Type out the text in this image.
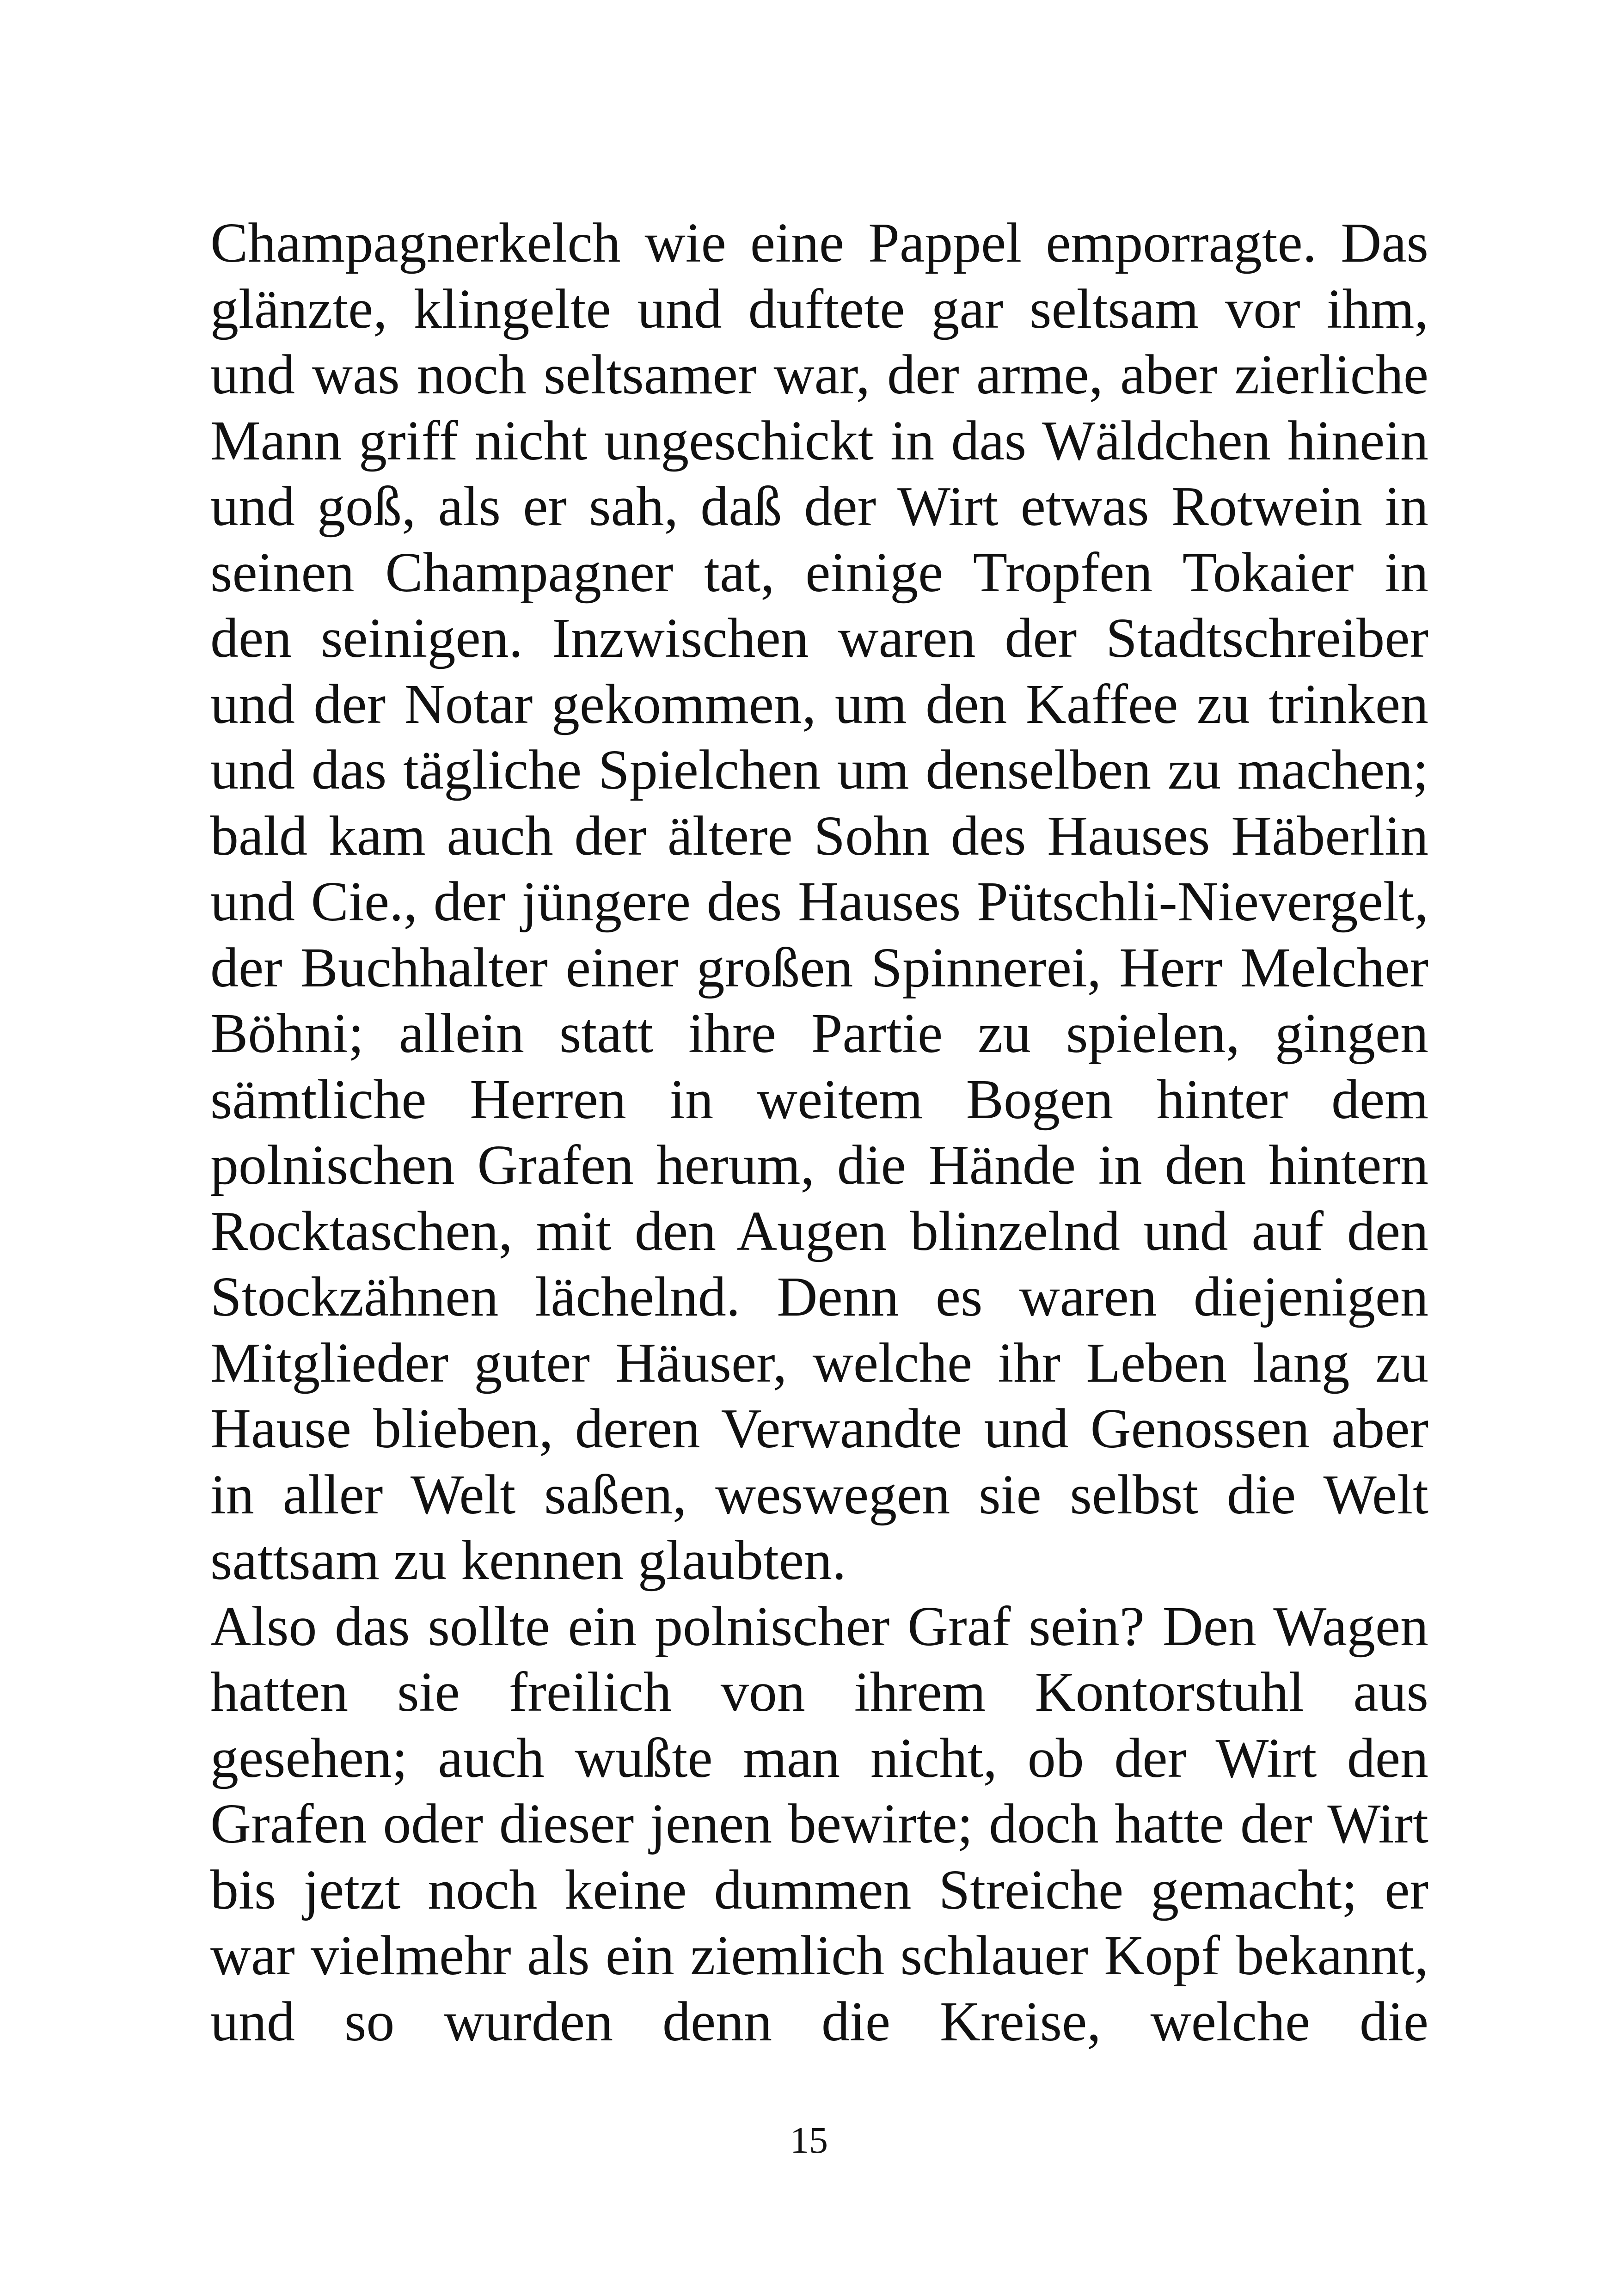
Champagnerkelch wie eine Pappel emporragte. Das
glänzte, klingelte und duftete gar seltsam vor ihm,
und was noch seltsamer war, der arme, aber zierliche
Mann griff nicht ungeschickt in das Wäldchen hinein
und goß, als er sah, daß der Wirt etwas Rotwein in
seinen Champagner tat, einige Tropfen Tokaier in
den seinigen. Inzwischen waren der Stadtschreiber
und der Notar gekommen, um den Kaffee zu trinken
und das tägliche Spielchen um denselben zu machen;
bald kam auch der ältere Sohn des Hauses Häberlin
und Cie., der jüngere des Hauses Pütschli-Nievergelt,
der Buchhalter einer großen Spinnerei, Herr Melcher
Böhni; allein statt ihre Partie zu spielen, gingen
sämtliche Herren in weitem Bogen hinter dem
polnischen Grafen herum, die Hände in den hintern
Rocktaschen, mit den Augen blinzelnd und auf den
Stockzähnen lächelnd. Denn es waren diejenigen
Mitglieder guter Häuser, welche ihr Leben lang zu
Hause blieben, deren Verwandte und Genossen aber
in aller Welt saßen, weswegen sie selbst die Welt
sattsam zu kennen glaubten.
Also das sollte ein polnischer Graf sein? Den Wagen
hatten sie freilich von ihrem Kontorstuhl aus
gesehen; auch wußte man nicht, ob der Wirt den
Grafen oder dieser jenen bewirte; doch hatte der Wirt
bis jetzt noch keine dummen Streiche gemacht; er
war vielmehr als ein ziemlich schlauer Kopf bekannt,
und so wurden denn die Kreise, welche die
15
